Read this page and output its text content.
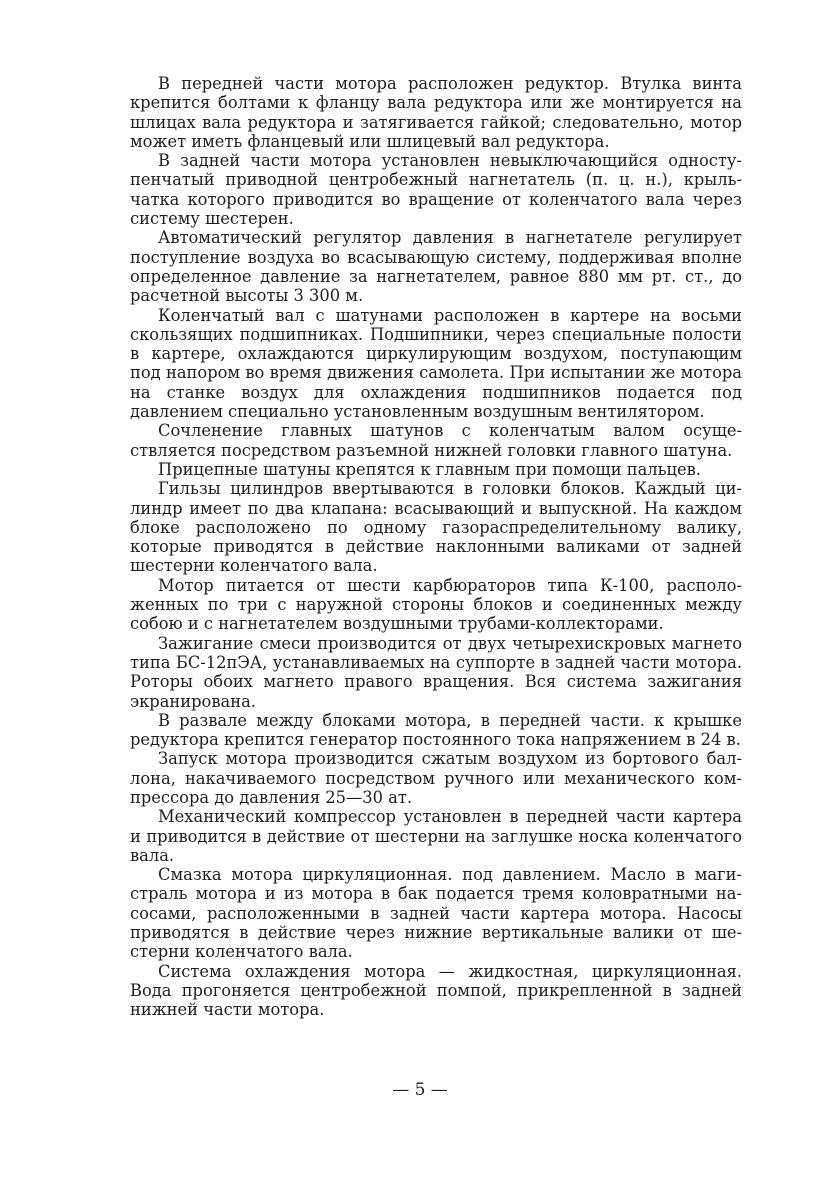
В передней части мотора расположен редуктор. Втулка винта крепится болтами к фланцу вала редуктора или же монтируется на шлицах вала редуктора и затягивается гайкой; следовательно, мотор может иметь фланцевый или шлицевый вал редуктора.

В задней части мотора установлен невыключающийся одноступенчатый приводной центробежный нагнетатель (п. ц. н.), крыльчатка которого приводится во вращение от коленчатого вала через систему шестерен.

Автоматический регулятор давления в нагнетателе регулирует поступление воздуха во всасывающую систему, поддерживая вполне определенное давление за нагнетателем, равное 880 мм рт. ст., до расчетной высоты 3 300 м.

Коленчатый вал с шатунами расположен в картере на восьми скользящих подшипниках. Подшипники, через специальные полости в картере, охлаждаются циркулирующим воздухом, поступающим под напором во время движения самолета. При испытании же мотора на станке воздух для охлаждения подшипников подается под давлением специально установленным воздушным вентилятором.

Сочленение главных шатунов с коленчатым валом осуществляется посредством разъемной нижней головки главного шатуна.

Прицепные шатуны крепятся к главным при помощи пальцев.

Гильзы цилиндров ввертываются в головки блоков. Каждый цилиндр имеет по два клапана: всасывающий и выпускной. На каждом блоке расположено по одному газораспределительному валику, которые приводятся в действие наклонными валиками от задней шестерни коленчатого вала.

Мотор питается от шести карбюраторов типа К-100, расположенных по три с наружной стороны блоков и соединенных между собою и с нагнетателем воздушными трубами-коллекторами.

Зажигание смеси производится от двух четырехискровых магнето типа БС-12пЭА, устанавливаемых на суппорте в задней части мотора. Роторы обоих магнето правого вращения. Вся система зажигания экранирована.

В развале между блоками мотора, в передней части. к крышке редуктора крепится генератор постоянного тока напряжением в 24 в.

Запуск мотора производится сжатым воздухом из бортового баллона, накачиваемого посредством ручного или механического компрессора до давления 25—30 ат.

Механический компрессор установлен в передней части картера и приводится в действие от шестерни на заглушке носка коленчатого вала.

Смазка мотора циркуляционная. под давлением. Масло в магистраль мотора и из мотора в бак подается тремя коловратными насосами, расположенными в задней части картера мотора. Насосы приводятся в действие через нижние вертикальные валики от шестерни коленчатого вала.

Система охлаждения мотора — жидкостная, циркуляционная. Вода прогоняется центробежной помпой, прикрепленной в задней нижней части мотора.

— 5 —
